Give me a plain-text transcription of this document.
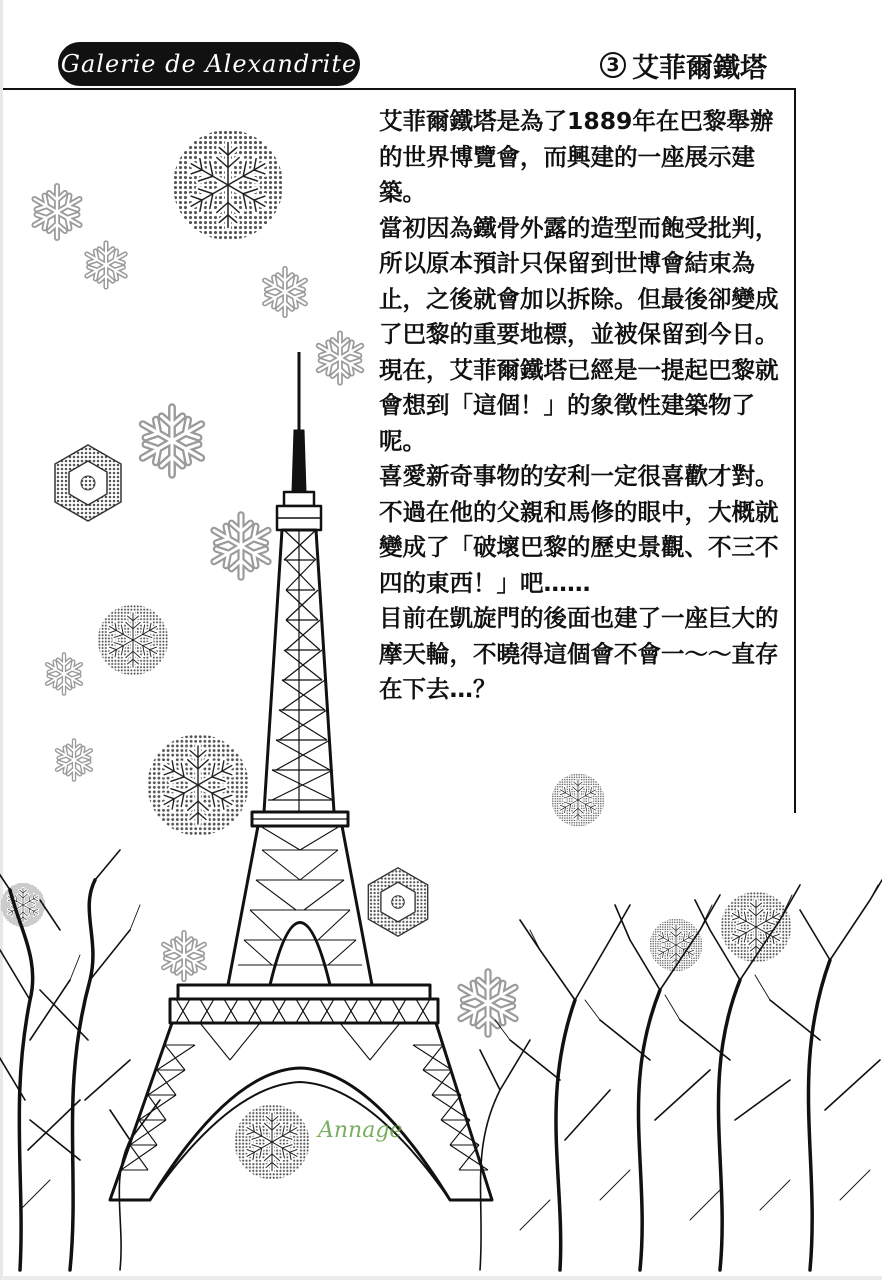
Galerie de Alexandrite	3 艾菲爾鐵塔

艾菲爾鐵塔是為了1889年在巴黎舉辦的世界博覽會，而興建的一座展示建築。

當初因為鐵骨外露的造型而飽受批判，所以原本預計只保留到世博會結束為止，之後就會加以拆除。但最後卻變成了巴黎的重要地標，並被保留到今日。

現在，艾菲爾鐵塔已經是一提起巴黎就會想到「這個！」的象徵性建築物了呢。

喜愛新奇事物的安利一定很喜歡才對。不過在他的父親和馬修的眼中，大概就變成了「破壞巴黎的歷史景觀、不三不四的東西！」吧……

目前在凱旋門的後面也建了一座巨大的摩天輪，不曉得這個會不會一～～直存在下去…？

Annage
